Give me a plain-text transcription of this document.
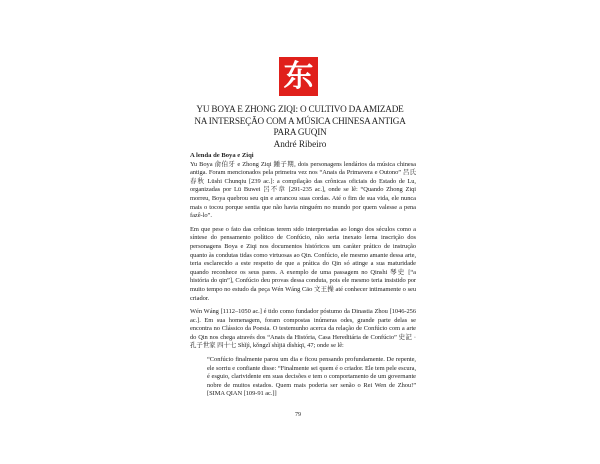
东
YU BOYA E ZHONG ZIQI: O CULTIVO DA AMIZADE
NA INTERSEÇÃO COM A MÚSICA CHINESA ANTIGA
PARA GUQIN
André Ribeiro
A lenda de Boya e Ziqi
Yu Boya 俞伯牙 e Zhong Ziqi 鍾子期, dois personagens lendários da música chinesa antiga. Foram mencionados pela primeira vez nos “Anais da Primavera e Outono” 呂氏春秋 Lüshi Chunqiu [239 ac.]: a compilação das crônicas oficiais do Estado de Lu, organizadas por Lü Buwei 呂不韋 [291-235 ac.], onde se lê: “Quando Zhong Ziqi morreu, Boya quebrou seu qin e arrancou suas cordas. Até o fim de sua vida, ele nunca mais o tocou porque sentia que não havia ninguém no mundo por quem valesse a pena fazê-lo”.
Em que pese o fato das crônicas terem sido interpretadas ao longo dos séculos como a síntese do pensamento político de Confúcio, não seria inexato lerna inscrição dos personagens Boya e Ziqi nos documentos históricos um caráter prático de instrução quanto às condutas tidas como virtuosas ao Qin. Confúcio, ele mesmo amante dessa arte, teria esclarecido a este respeito de que a prática do Qin só atinge a sua maturidade quando reconhece os seus pares. A exemplo de uma passagem no Qinshi 琴史 [“a história do qin”], Confúcio deu provas dessa conduta, pois ele mesmo teria insistido por muito tempo no estudo da peça Wén Wáng Cāo 文王操 até conhecer intimamente o seu criador.
Wén Wáng [1112–1050 ac.] é tido como fundador póstumo da Dinastia Zhou [1046-256 ac.]. Em sua homenagem, foram compostas inúmeras odes, grande parte delas se encontra no Clássico da Poesia. O testemunho acerca da relação de Confúcio com a arte do Qin nos chega através dos “Anais da História, Casa Hereditária de Confúcio” 史記 · 孔子世家 四十七 Shǐjì, kǒngzǐ shìjiā dìshíqī, 47; onde se lê:
“Confúcio finalmente parou um dia e ficou pensando profundamente. De repente, ele sorriu e confiante disse: “Finalmente sei quem é o criador. Ele tem pele escura, é esguio, clarividente em suas decisões e tem o comportamento de um governante nobre de muitos estados. Quem mais poderia ser senão o Rei Wen de Zhou!” [SIMA QIAN [109-91 ac.]]
79
